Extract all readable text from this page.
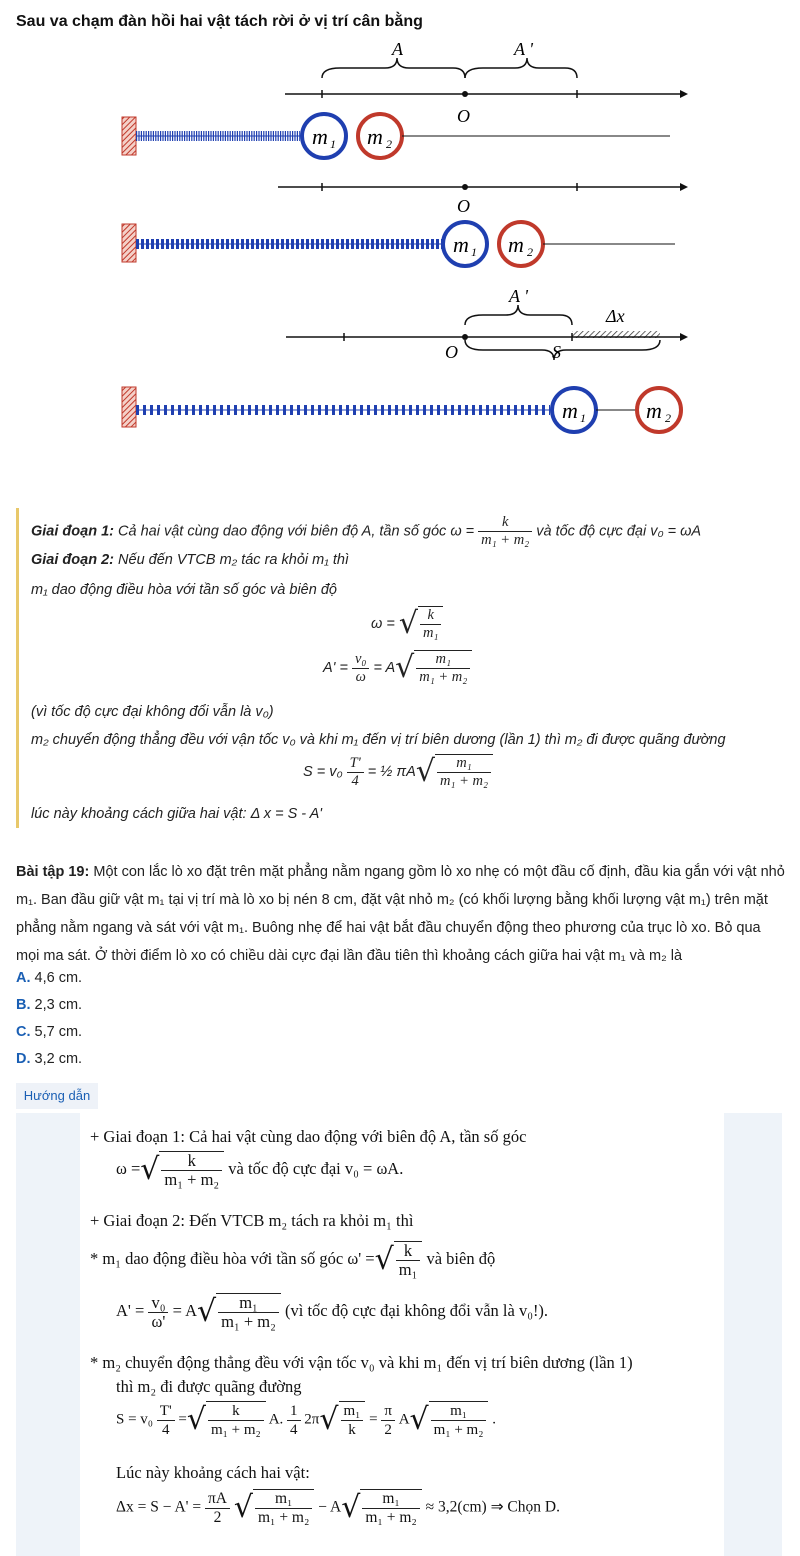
Sau va chạm đàn hồi hai vật tách rời ở vị trí cân bằng
A	A '
O
m 1 m 2
O
m 1 m 2
A '
Δx
O	S
m 1	m 2
Giai đoạn 1: Cả hai vật cùng dao động với biên độ A, tần số góc $\omega = \frac{k}{\text{m₁ + m₂}}$ và tốc độ cực đại v₀ = ωA
Giai đoạn 2: Nếu đến VTCB m₂ tác ra khỏi m₁ thì
m₁ dao động điều hòa với tần số góc và biên độ
ω = √ $\frac{k}{\text{m₁}}$
$A' = \frac{\text{v₀}}{\omega} = A√ \frac{\text{m₁}}{\text{m₁ + m₂}}$
(vì tốc độ cực đại không đổi vẫn là v₀)
m₂ chuyển động thẳng đều với vận tốc v₀ và khi m₁ đến vị trí biên dương (lần 1) thì m₂ đi được quãng đường
$S = v_0 \frac{T'}{4}$ = ½ $\pi A√ \frac{\text{m₁}}{\text{m₁ + m₂}}$
lúc này khoảng cách giữa hai vật: Δ x = S - A'
Bài tập 19: Một con lắc lò xo đặt trên mặt phẳng nằm ngang gồm lò xo nhẹ có một đầu cố định, đầu kia gắn với vật nhỏ m₁. Ban đầu giữ vật m₁ tại vị trí mà lò xo bị nén 8 cm, đặt vật nhỏ m₂ (có khối lượng bằng khối lượng vật m₁) trên mặt phẳng nằm ngang và sát với vật m₁. Buông nhẹ để hai vật bắt đầu chuyển động theo phương của trục lò xo. Bỏ qua mọi ma sát. Ở thời điểm lò xo có chiều dài cực đại lần đầu tiên thì khoảng cách giữa hai vật m₁ và m₂ là
A. 4,6 cm.
B. 2,3 cm.
C. 5,7 cm.
D. 3,2 cm.
Hướng dẫn
+ Giai đoạn 1: Cả hai vật cùng dao động với biên độ A, tần số góc
ω =√ $\frac{k}{\text{m₁ + m₂}}$ và tốc độ cực đại v₀ = ωA.
+ Giai đoạn 2: Đến VTCB m₂ tách ra khỏi m₁ thì
* m₁ dao động điều hòa với tần số góc ω' =√ $\frac{k}{\text{m₁}}$ và biên độ
$A' = \frac{\text{v₀}}{\omega'} = A√ \frac{\text{m₁}}{\text{m₁ + m₂}}$ (vì tốc độ cực đại không đổi vẫn là v₀!).
* m₂ chuyển động thẳng đều với vận tốc v₀ và khi m₁ đến vị trí biên dương (lần 1)
thì m₂ đi được quãng đường
$S = v_0 \frac{T'}{4}$ =√ $\frac{k}{\text{m₁ + m₂}} A$. $\frac{1}{4} 2\pi√ \frac{\text{m₁}}{k} = \frac{\pi}{2} A√ \frac{\text{m₁}}{\text{m₁ + m₂}}$ .
Lúc này khoảng cách hai vật:
$\Delta x = S - A' = \frac{\pi A}{2}$ √ $\frac{\text{m₁}}{\text{m₁ + m₂}} - A√ \frac{\text{m₁}}{\text{m₁ + m₂}} \approx 3,2(cm)$ ⇒ Chọn D.
